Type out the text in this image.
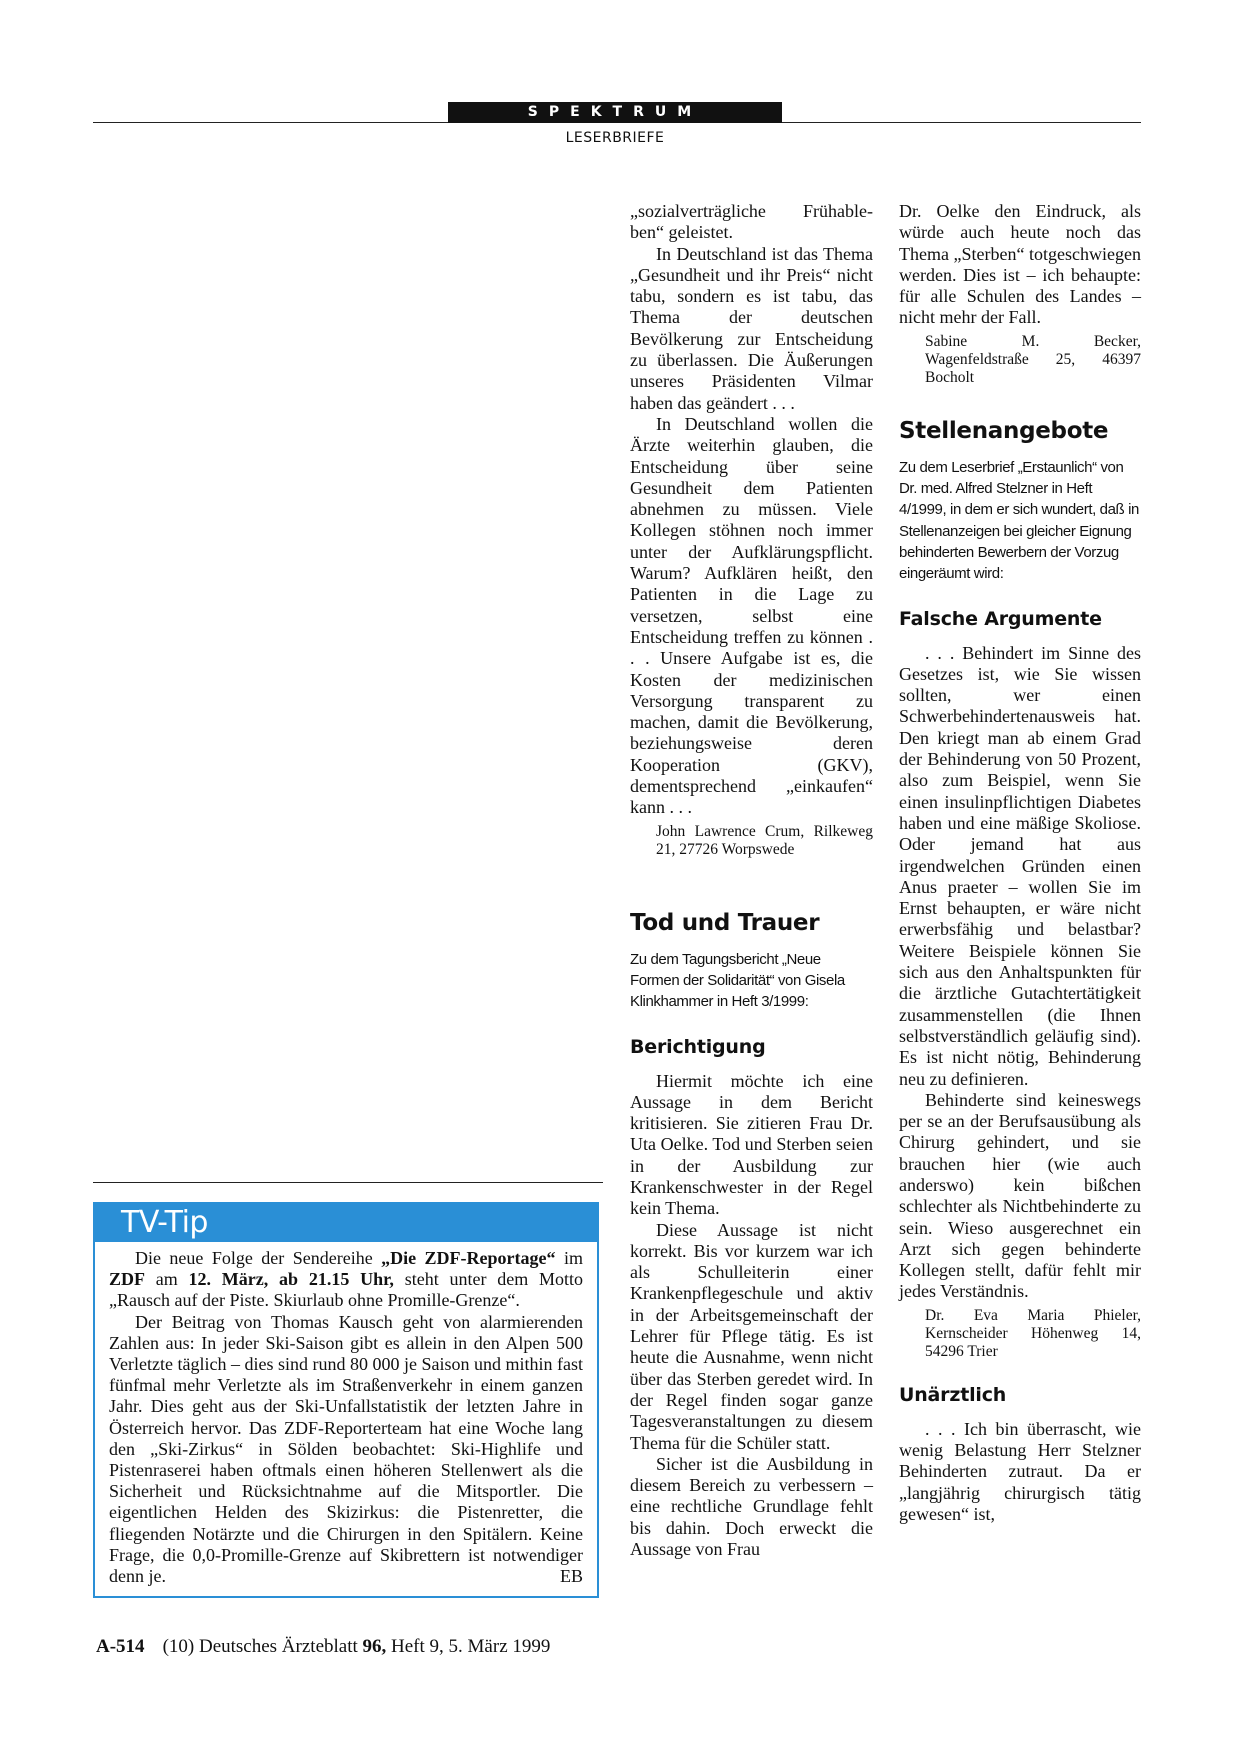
SPEKTRUM
LESERBRIEFE

„sozialverträgliche Frühable-ben“ geleistet.

In Deutschland ist das Thema „Gesundheit und ihr Preis“ nicht tabu, sondern es ist tabu, das Thema der deutschen Bevölkerung zur Entscheidung zu überlassen. Die Äußerungen unseres Präsidenten Vilmar haben das geändert . . .

In Deutschland wollen die Ärzte weiterhin glauben, die Entscheidung über seine Gesundheit dem Patienten abnehmen zu müssen. Viele Kollegen stöhnen noch immer unter der Aufklärungspflicht. Warum? Aufklären heißt, den Patienten in die Lage zu versetzen, selbst eine Entscheidung treffen zu können . . . Unsere Aufgabe ist es, die Kosten der medizinischen Versorgung transparent zu machen, damit die Bevölkerung, beziehungsweise deren Kooperation (GKV), dementsprechend „einkaufen“ kann . . .

John Lawrence Crum, Rilkeweg 21, 27726 Worpswede
Tod und Trauer

Zu dem Tagungsbericht „Neue Formen der Solidarität“ von Gisela Klinkhammer in Heft 3/1999:

Berichtigung

Hiermit möchte ich eine Aussage in dem Bericht kritisieren. Sie zitieren Frau Dr. Uta Oelke. Tod und Sterben seien in der Ausbildung zur Krankenschwester in der Regel kein Thema.

Diese Aussage ist nicht korrekt. Bis vor kurzem war ich als Schulleiterin einer Krankenpflegeschule und aktiv in der Arbeitsgemeinschaft der Lehrer für Pflege tätig. Es ist heute die Ausnahme, wenn nicht über das Sterben geredet wird. In der Regel finden sogar ganze Tagesveranstaltungen zu diesem Thema für die Schüler statt.

Sicher ist die Ausbildung in diesem Bereich zu verbessern – eine rechtliche Grundlage fehlt bis dahin. Doch erweckt die Aussage von Frau

Dr. Oelke den Eindruck, als würde auch heute noch das Thema „Sterben“ totgeschwiegen werden. Dies ist – ich behaupte: für alle Schulen des Landes – nicht mehr der Fall.

Sabine M. Becker, Wagenfeldstraße 25, 46397 Bocholt
Stellenangebote

Zu dem Leserbrief „Erstaunlich“ von Dr. med. Alfred Stelzner in Heft 4/1999, in dem er sich wundert, daß in Stellenanzeigen bei gleicher Eignung behinderten Bewerbern der Vorzug eingeräumt wird:

Falsche Argumente

. . . Behindert im Sinne des Gesetzes ist, wie Sie wissen sollten, wer einen Schwerbehindertenausweis hat. Den kriegt man ab einem Grad der Behinderung von 50 Prozent, also zum Beispiel, wenn Sie einen insulinpflichtigen Diabetes haben und eine mäßige Skoliose. Oder jemand hat aus irgendwelchen Gründen einen Anus praeter – wollen Sie im Ernst behaupten, er wäre nicht erwerbsfähig und belastbar? Weitere Beispiele können Sie sich aus den Anhaltspunkten für die ärztliche Gutachtertätigkeit zusammenstellen (die Ihnen selbstverständlich geläufig sind). Es ist nicht nötig, Behinderung neu zu definieren.

Behinderte sind keineswegs per se an der Berufsausübung als Chirurg gehindert, und sie brauchen hier (wie auch anderswo) kein bißchen schlechter als Nichtbehinderte zu sein. Wieso ausgerechnet ein Arzt sich gegen behinderte Kollegen stellt, dafür fehlt mir jedes Verständnis.

Dr. Eva Maria Phieler, Kernscheider Höhenweg 14, 54296 Trier
Unärztlich

. . . Ich bin überrascht, wie wenig Belastung Herr Stelzner Behinderten zutraut. Da er „langjährig chirurgisch tätig gewesen“ ist,

TV-Tip

Die neue Folge der Sendereihe „Die ZDF-Reportage“ im ZDF am 12. März, ab 21.15 Uhr, steht unter dem Motto „Rausch auf der Piste. Skiurlaub ohne Promille-Grenze“.

Der Beitrag von Thomas Kausch geht von alarmierenden Zahlen aus: In jeder Ski-Saison gibt es allein in den Alpen 500 Verletzte täglich – dies sind rund 80 000 je Saison und mithin fast fünfmal mehr Verletzte als im Straßenverkehr in einem ganzen Jahr. Dies geht aus der Ski-Unfallstatistik der letzten Jahre in Österreich hervor. Das ZDF-Reporterteam hat eine Woche lang den „Ski-Zirkus“ in Sölden beobachtet: Ski-Highlife und Pistenraserei haben oftmals einen höheren Stellenwert als die Sicherheit und Rücksichtnahme auf die Mitsportler. Die eigentlichen Helden des Skizirkus: die Pistenretter, die fliegenden Notärzte und die Chirurgen in den Spitälern. Keine Frage, die 0,0-Promille-Grenze auf Skibrettern ist notwendiger denn je.	EB

A-514 (10) Deutsches Ärzteblatt 96, Heft 9, 5. März 1999
